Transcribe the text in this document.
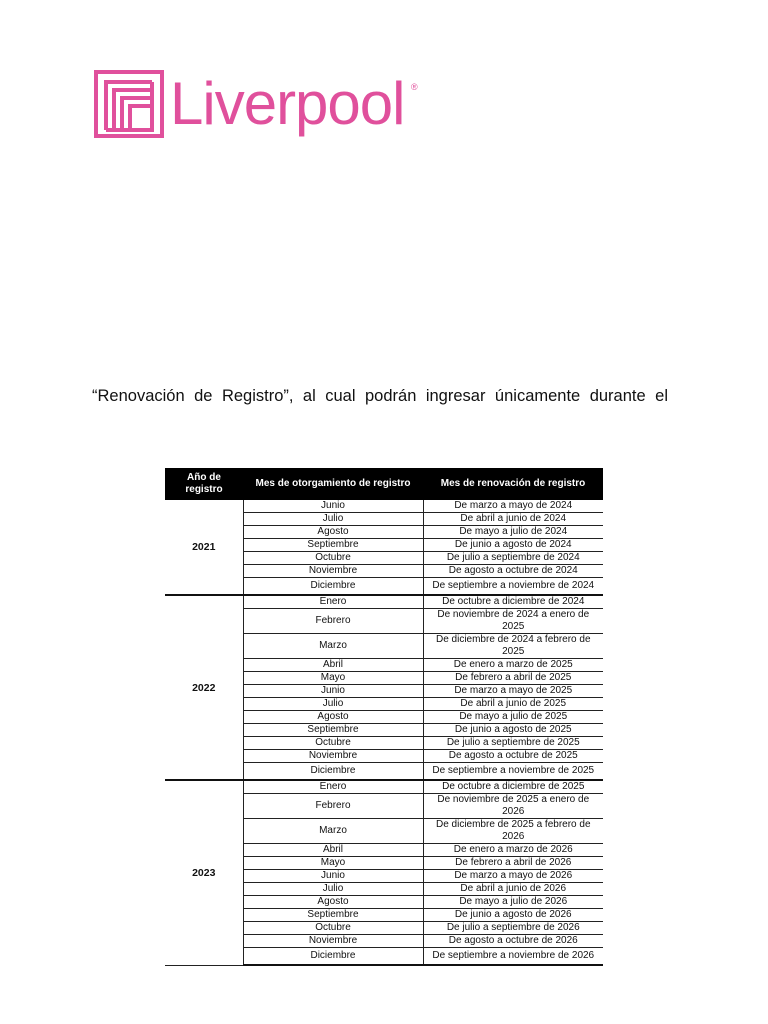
Liverpool ®
“Renovación de Registro”, al cual podrán ingresar únicamente durante el
Año de registro	Mes de otorgamiento de registro	Mes de renovación de registro
2021	Junio	De marzo a mayo de 2024
	Julio	De abril a junio de 2024
	Agosto	De mayo a julio de 2024
	Septiembre	De junio a agosto de 2024
	Octubre	De julio a septiembre de 2024
	Noviembre	De agosto a octubre de 2024
	Diciembre	De septiembre a noviembre de 2024
2022	Enero	De octubre a diciembre de 2024
	Febrero	De noviembre de 2024 a enero de 2025
	Marzo	De diciembre de 2024 a febrero de 2025
	Abril	De enero a marzo de 2025
	Mayo	De febrero a abril de 2025
	Junio	De marzo a mayo de 2025
	Julio	De abril a junio de 2025
	Agosto	De mayo a julio de 2025
	Septiembre	De junio a agosto de 2025
	Octubre	De julio a septiembre de 2025
	Noviembre	De agosto a octubre de 2025
	Diciembre	De septiembre a noviembre de 2025
2023	Enero	De octubre a diciembre de 2025
	Febrero	De noviembre de 2025 a enero de 2026
	Marzo	De diciembre de 2025 a febrero de 2026
	Abril	De enero a marzo de 2026
	Mayo	De febrero a abril de 2026
	Junio	De marzo a mayo de 2026
	Julio	De abril a junio de 2026
	Agosto	De mayo a julio de 2026
	Septiembre	De junio a agosto de 2026
	Octubre	De julio a septiembre de 2026
	Noviembre	De agosto a octubre de 2026
	Diciembre	De septiembre a noviembre de 2026
